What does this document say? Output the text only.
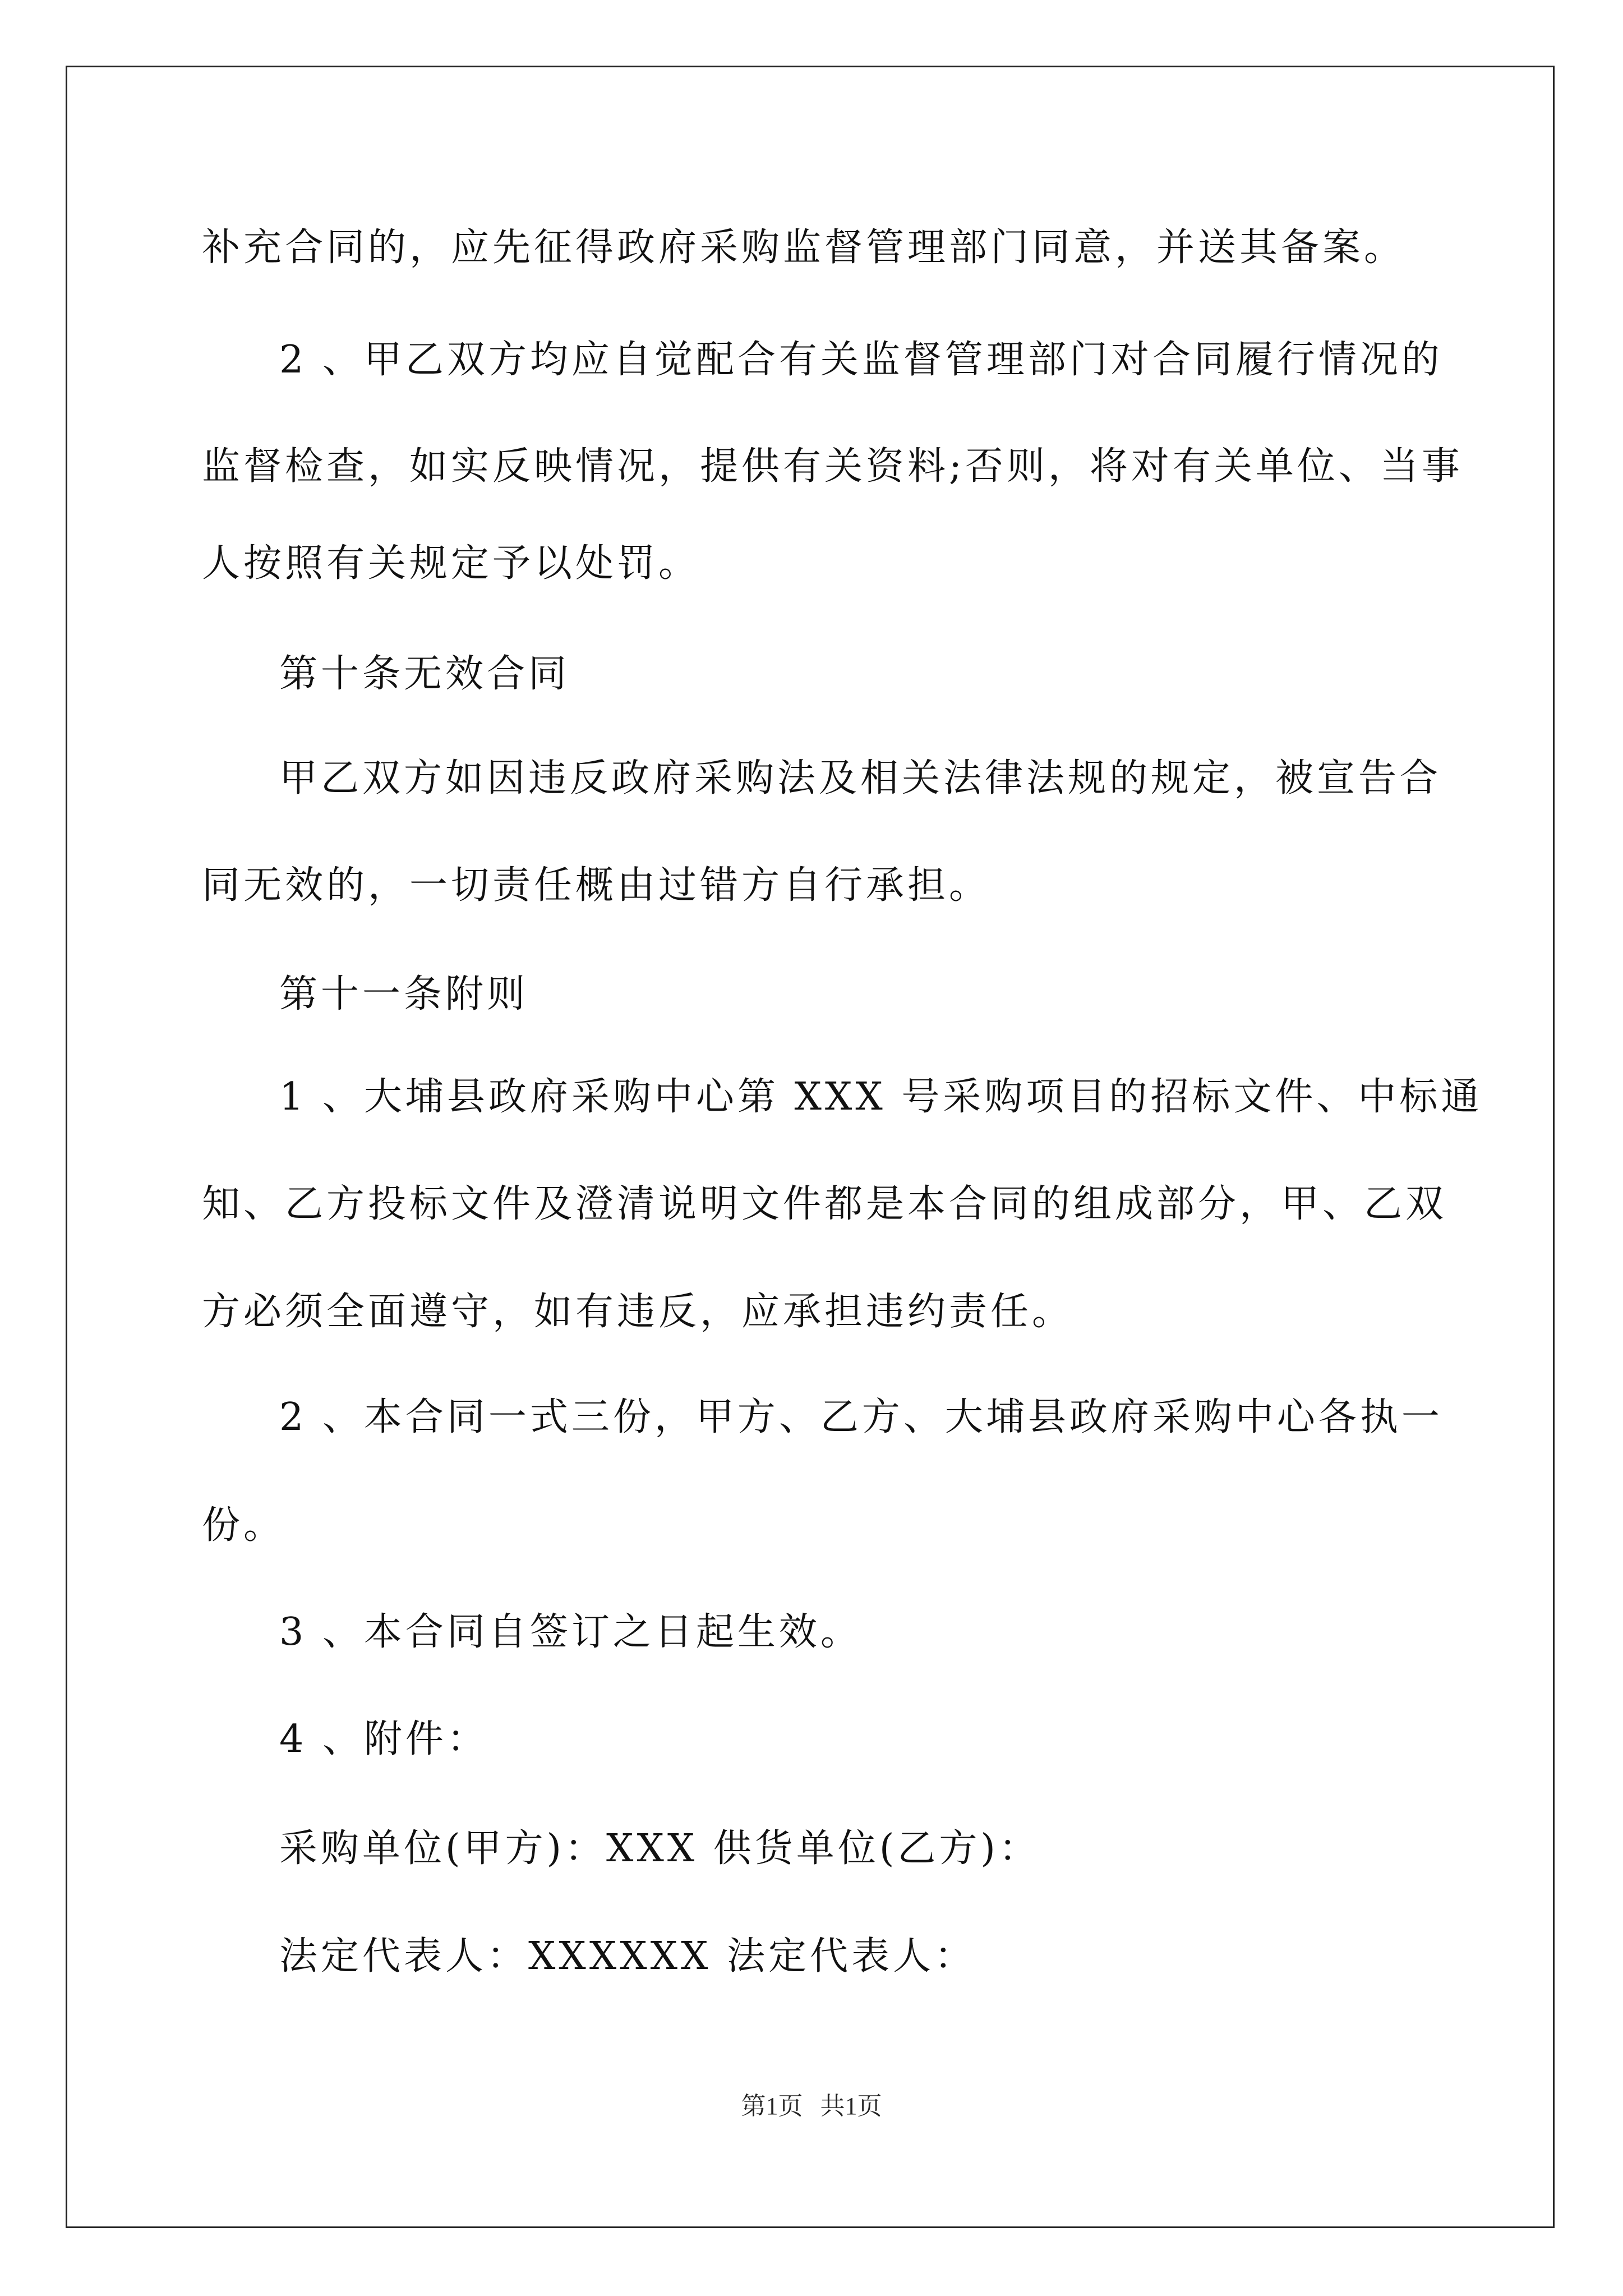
补充合同的，应先征得政府采购监督管理部门同意，并送其备案。
2 、甲乙双方均应自觉配合有关监督管理部门对合同履行情况的
监督检查，如实反映情况，提供有关资料;否则，将对有关单位、当事
人按照有关规定予以处罚。
第十条无效合同
甲乙双方如因违反政府采购法及相关法律法规的规定，被宣告合
同无效的，一切责任概由过错方自行承担。
第十一条附则
1 、大埔县政府采购中心第 XXX 号采购项目的招标文件、中标通
知、乙方投标文件及澄清说明文件都是本合同的组成部分，甲、乙双
方必须全面遵守，如有违反，应承担违约责任。
2 、本合同一式三份，甲方、乙方、大埔县政府采购中心各执一
份。
3 、本合同自签订之日起生效。
4 、附件：
采购单位(甲方)：XXX 供货单位(乙方)：
法定代表人：XXXXXX 法定代表人：
第1页 共1页
